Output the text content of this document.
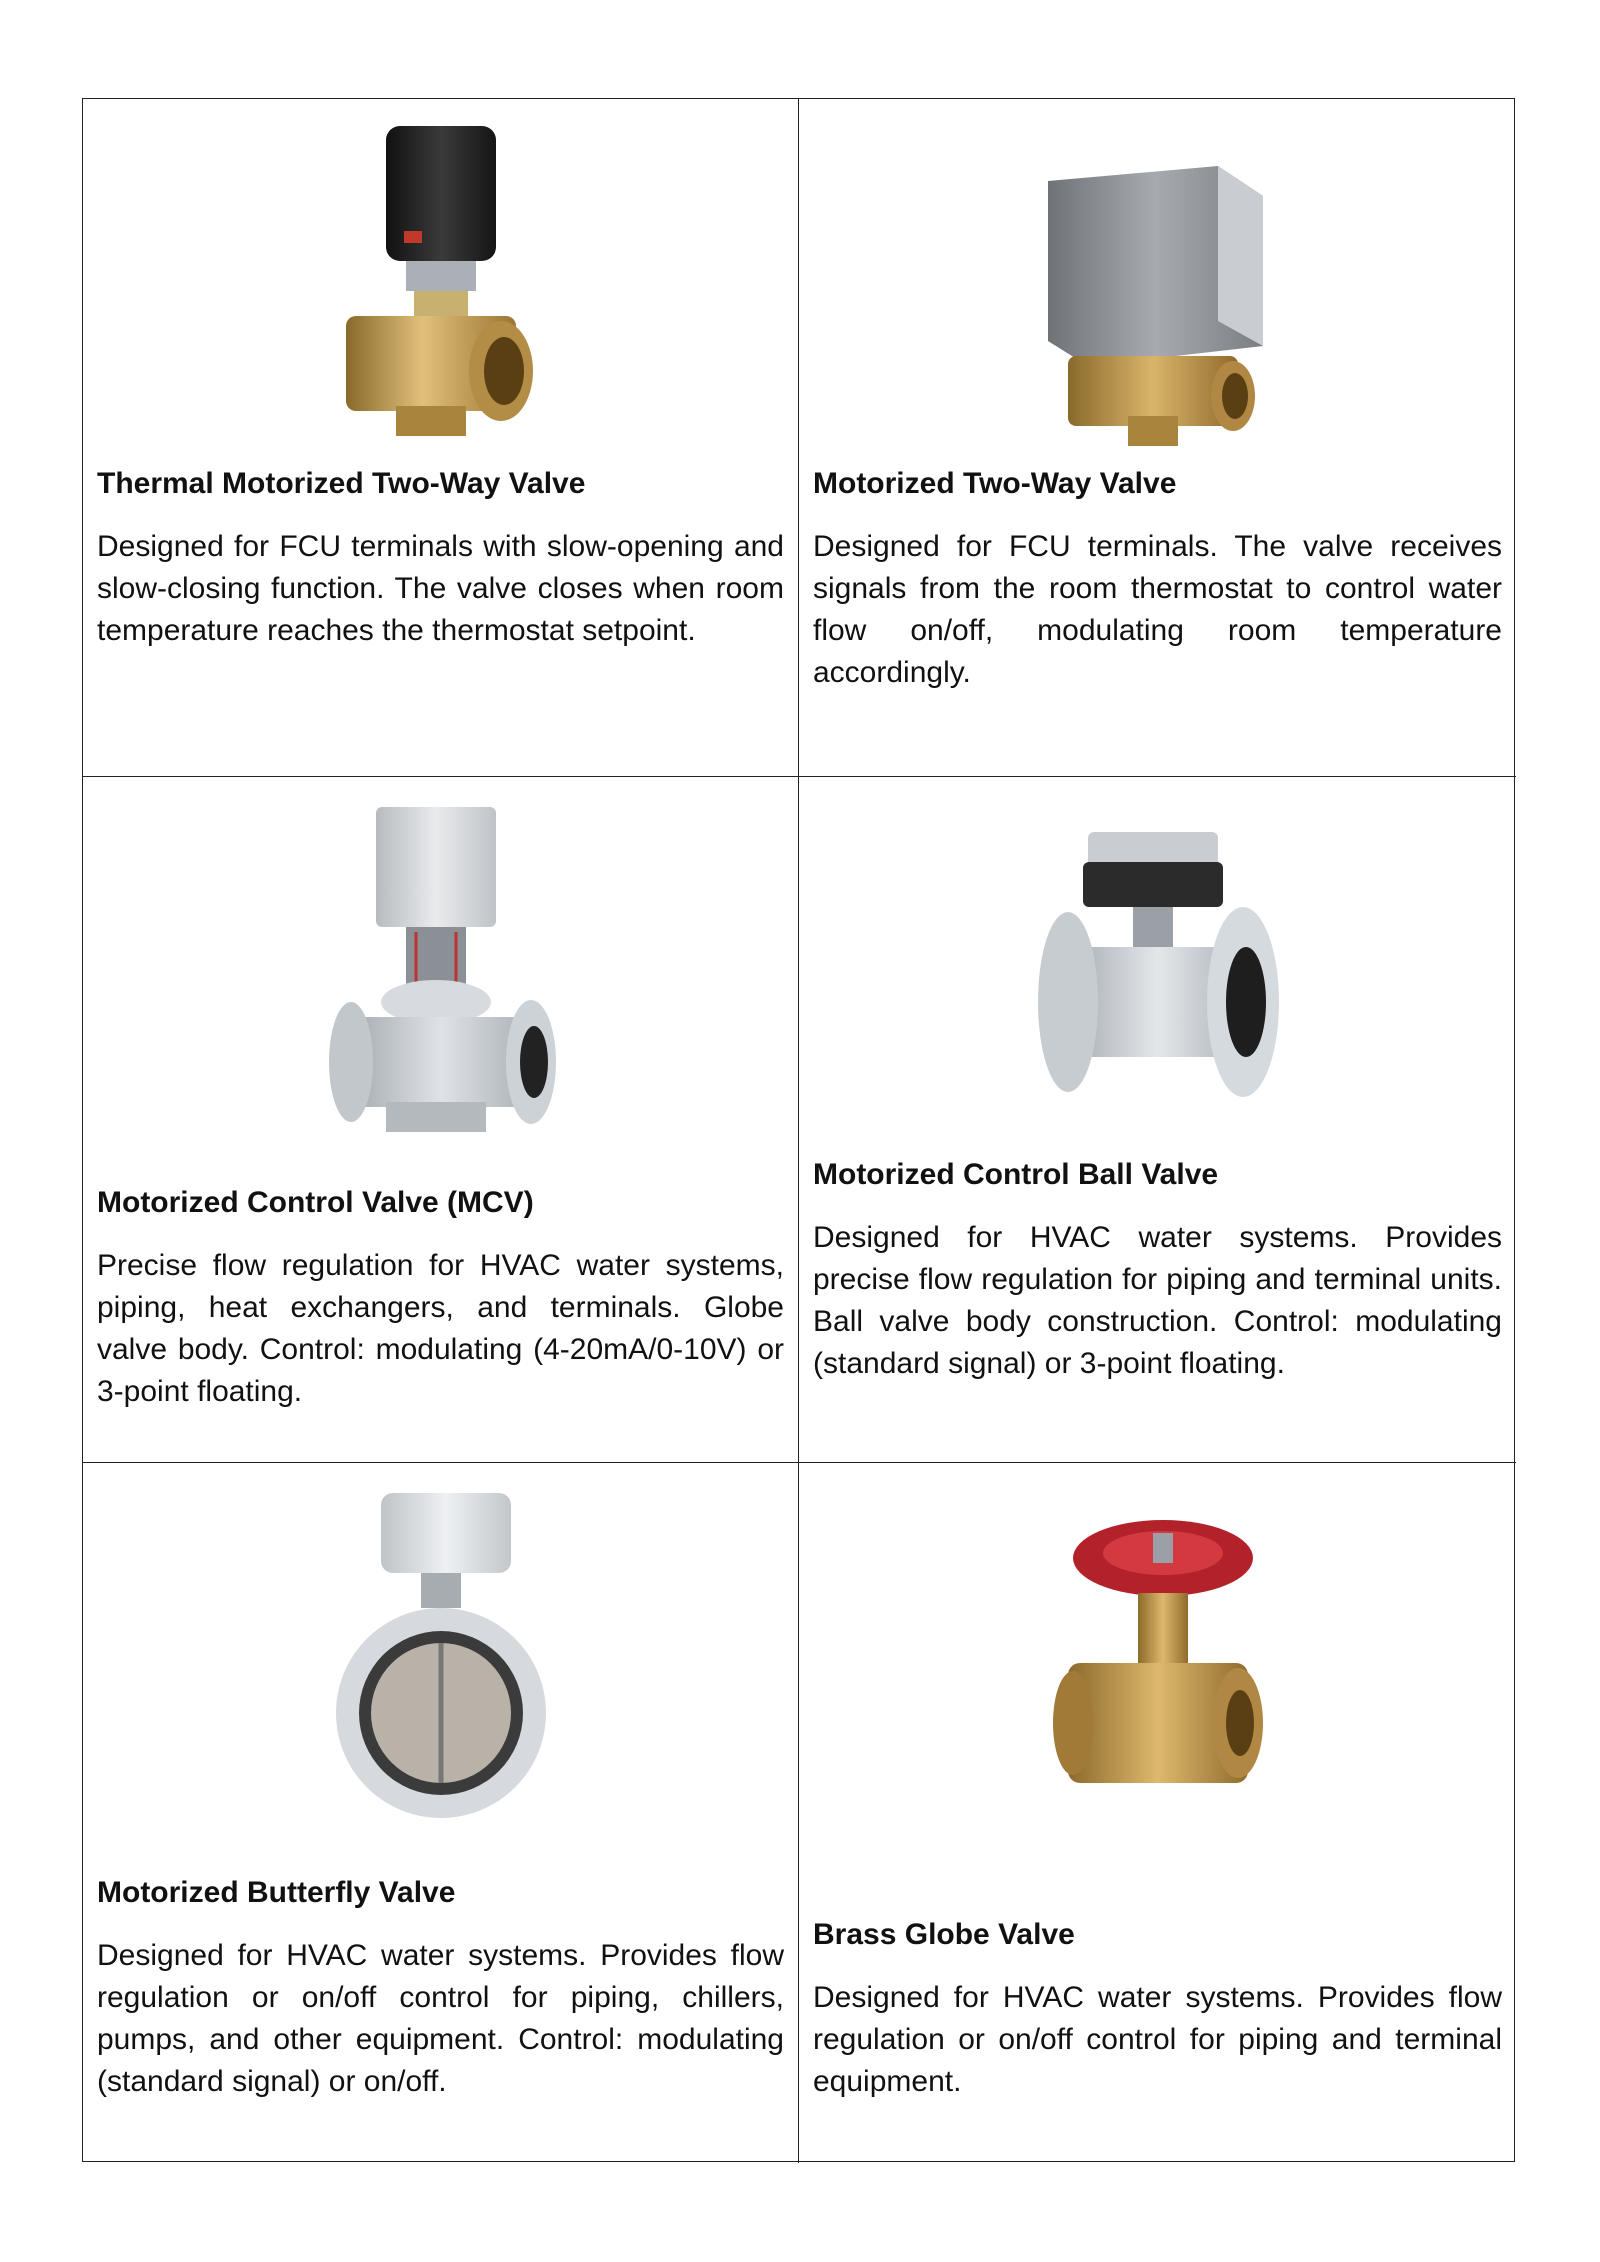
Thermal Motorized Two-Way Valve

Designed for FCU terminals with slow-opening and slow-closing function. The valve closes when room temperature reaches the thermostat setpoint.

Motorized Two-Way Valve

Designed for FCU terminals. The valve receives signals from the room thermostat to control water flow on/off, modulating room temperature accordingly.

Motorized Control Valve (MCV)

Precise flow regulation for HVAC water systems, piping, heat exchangers, and terminals. Globe valve body. Control: modulating (4-20mA/0-10V) or 3-point floating.

Motorized Control Ball Valve

Designed for HVAC water systems. Provides precise flow regulation for piping and terminal units. Ball valve body construction. Control: modulating (standard signal) or 3-point floating.

Motorized Butterfly Valve

Designed for HVAC water systems. Provides flow regulation or on/off control for piping, chillers, pumps, and other equipment. Control: modulating (standard signal) or on/off.

Brass Globe Valve

Designed for HVAC water systems. Provides flow regulation or on/off control for piping and terminal equipment.
